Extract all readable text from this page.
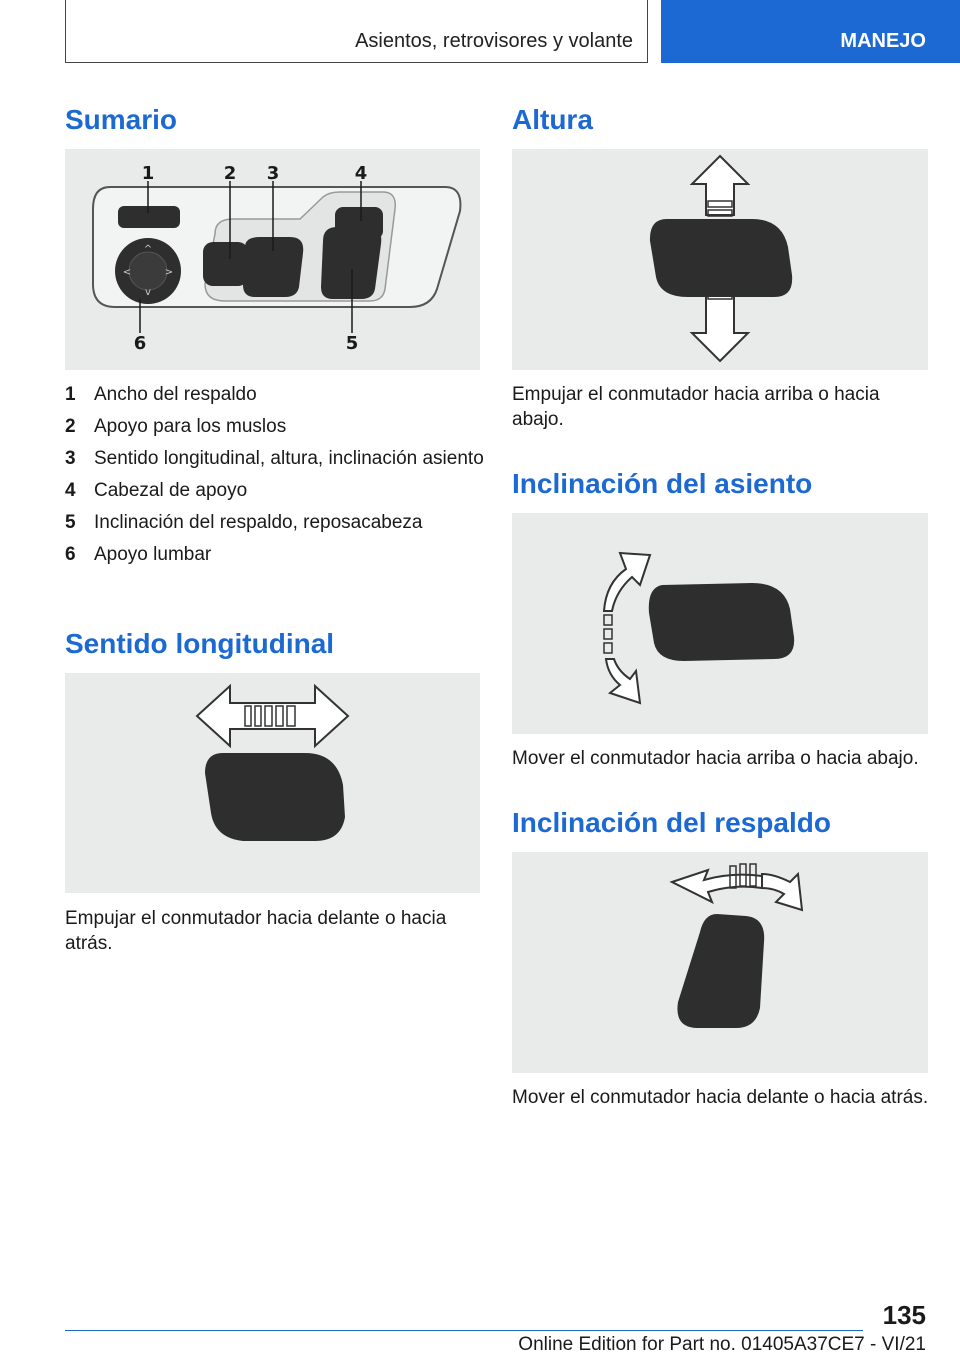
Asientos, retrovisores y volante	MANEJO
Sumario
^
v
<	>
1	2 3	4
5
6
1 Ancho del respaldo
2 Apoyo para los muslos
3 Sentido longitudinal, altura, inclinación asiento
4 Cabezal de apoyo
5 Inclinación del respaldo, reposacabeza
6 Apoyo lumbar
Sentido longitudinal

Empujar el conmutador hacia delante o hacia atrás.

Altura

Empujar el conmutador hacia arriba o hacia abajo.

Inclinación del asiento

Mover el conmutador hacia arriba o hacia abajo.

Inclinación del respaldo

Mover el conmutador hacia delante o hacia atrás.

135
Online Edition for Part no. 01405A37CE7 - VI/21
